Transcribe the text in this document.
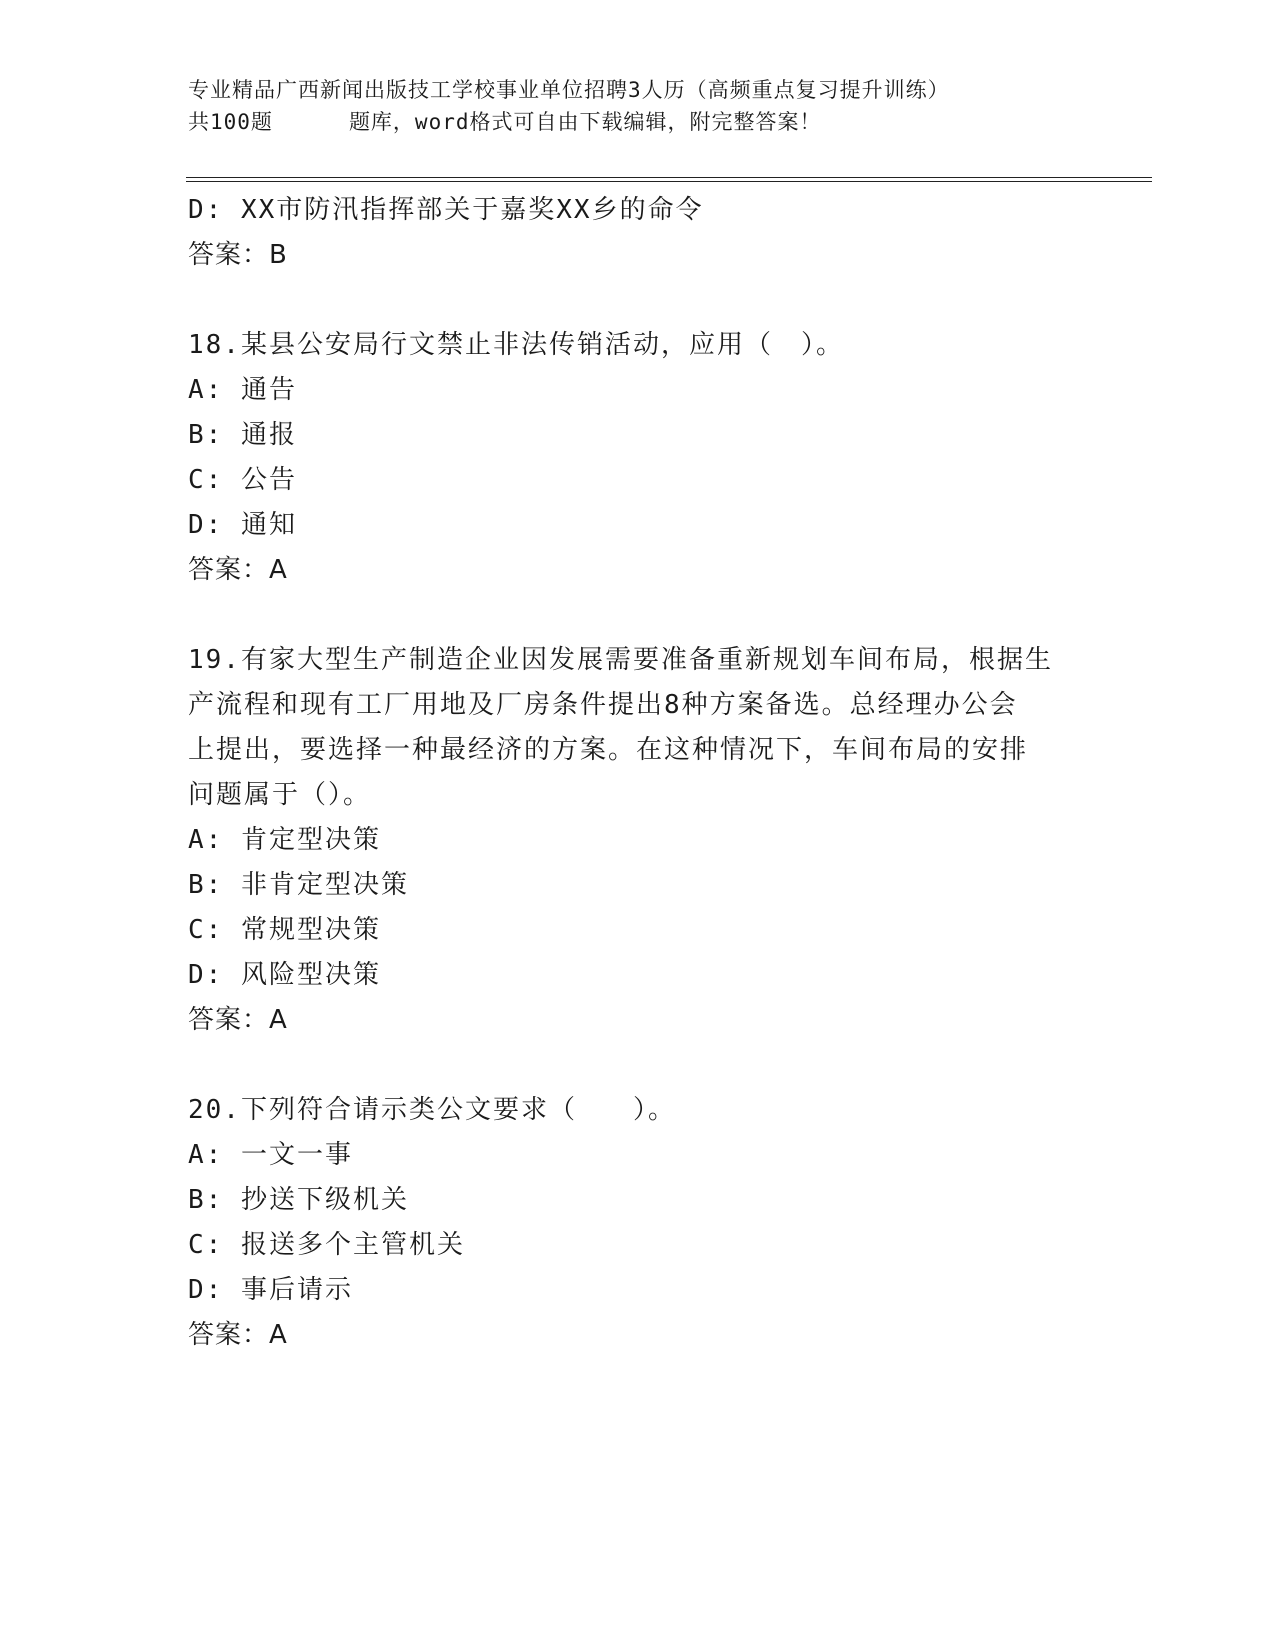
专业精品广西新闻出版技工学校事业单位招聘3人历（高频重点复习提升训练）
共100题	题库，word格式可自由下载编辑，附完整答案！
D: XX市防汛指挥部关于嘉奖XX乡的命令
答案：B
18.某县公安局行文禁止非法传销活动，应用（　）。
A: 通告
B: 通报
C: 公告
D: 通知
答案：A
19.有家大型生产制造企业因发展需要准备重新规划车间布局，根据生
产流程和现有工厂用地及厂房条件提出8种方案备选。总经理办公会
上提出，要选择一种最经济的方案。在这种情况下，车间布局的安排
问题属于（）。
A: 肯定型决策
B: 非肯定型决策
C: 常规型决策
D: 风险型决策
答案：A
20.下列符合请示类公文要求（　　）。
A: 一文一事
B: 抄送下级机关
C: 报送多个主管机关
D: 事后请示
答案：A
